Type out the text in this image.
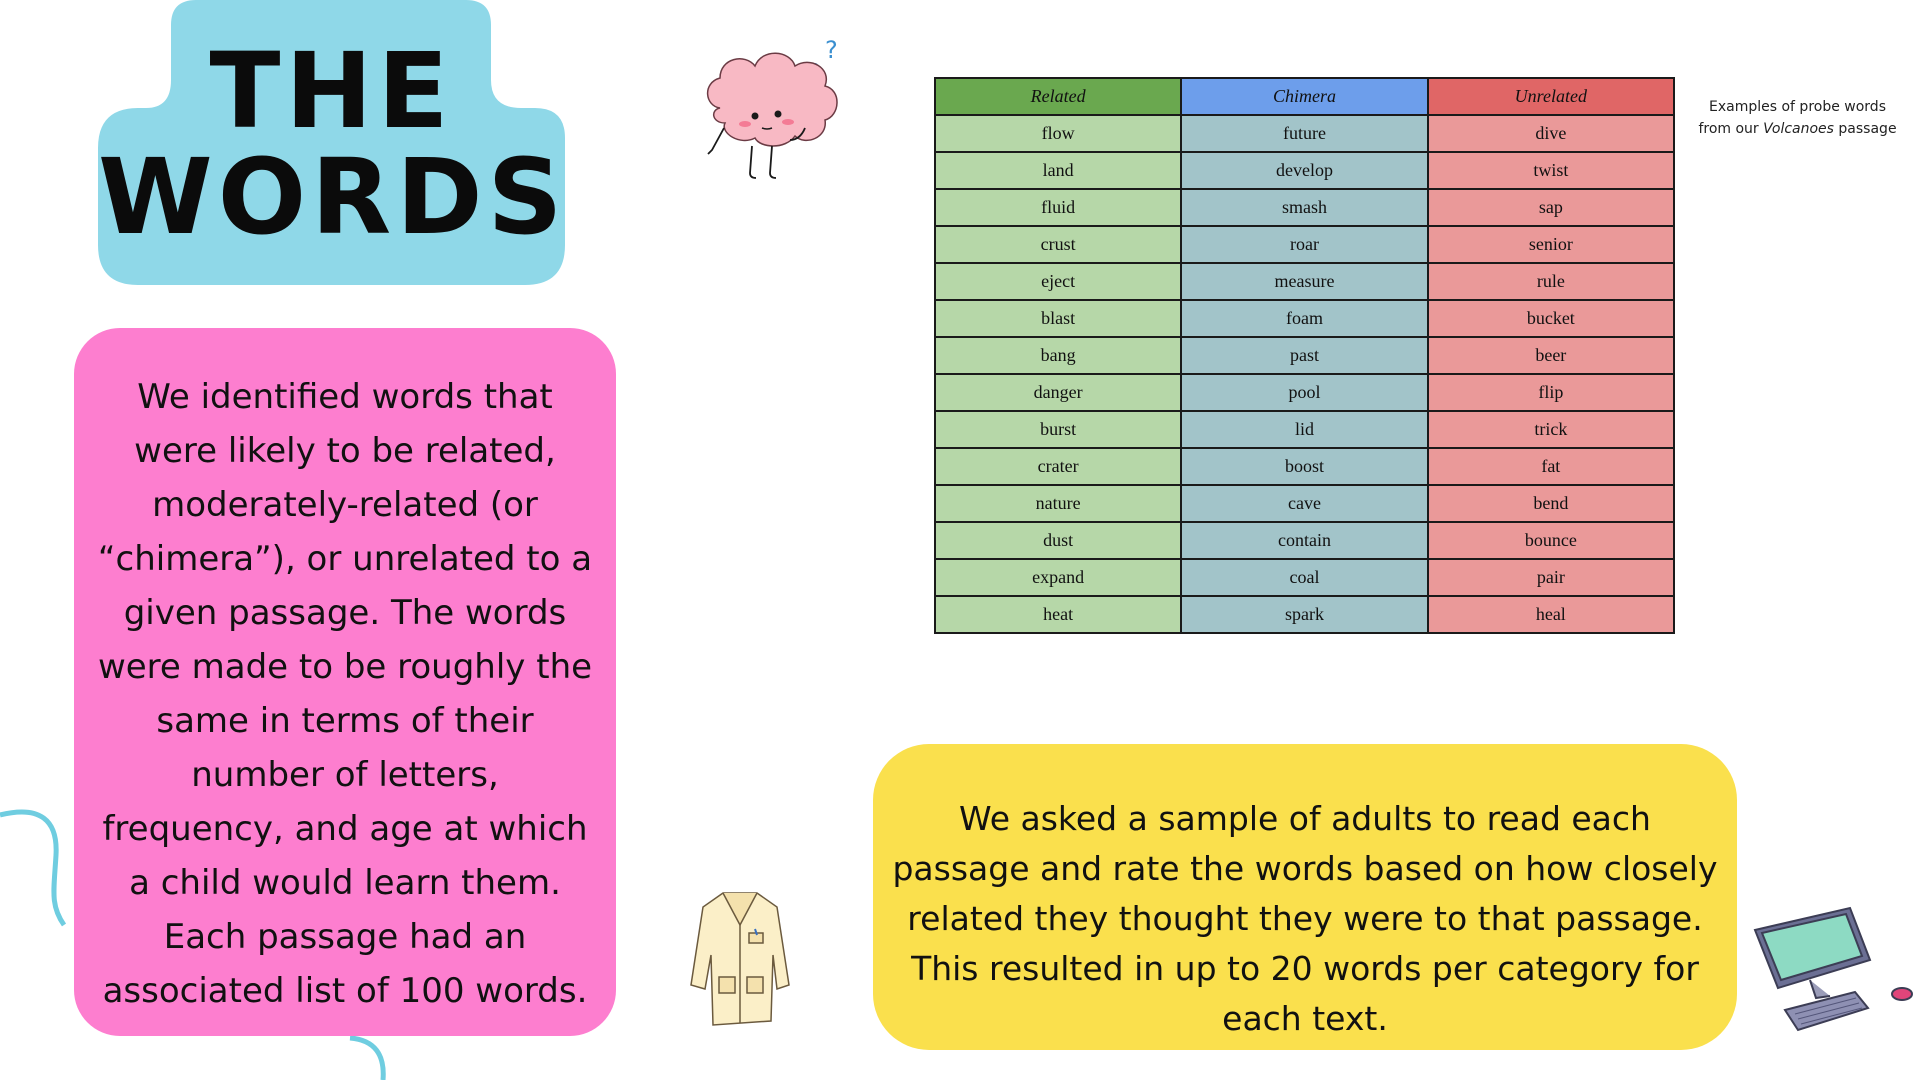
THE
WORDS
We identified words that were likely to be related, moderately-related (or “chimera”), or unrelated to a given passage. The words were made to be roughly the same in terms of their number of letters, frequency, and age at which a child would learn them. Each passage had an associated list of 100 words.
?
Related	Chimera	Unrelated
flow	future	dive
land	develop	twist
fluid	smash	sap
crust	roar	senior
eject	measure	rule
blast	foam	bucket
bang	past	beer
danger	pool	flip
burst	lid	trick
crater	boost	fat
nature	cave	bend
dust	contain	bounce
expand	coal	pair
heat	spark	heal
Examples of probe words
from our Volcanoes passage
We asked a sample of adults to read each passage and rate the words based on how closely related they thought they were to that passage. This resulted in up to 20 words per category for each text.
